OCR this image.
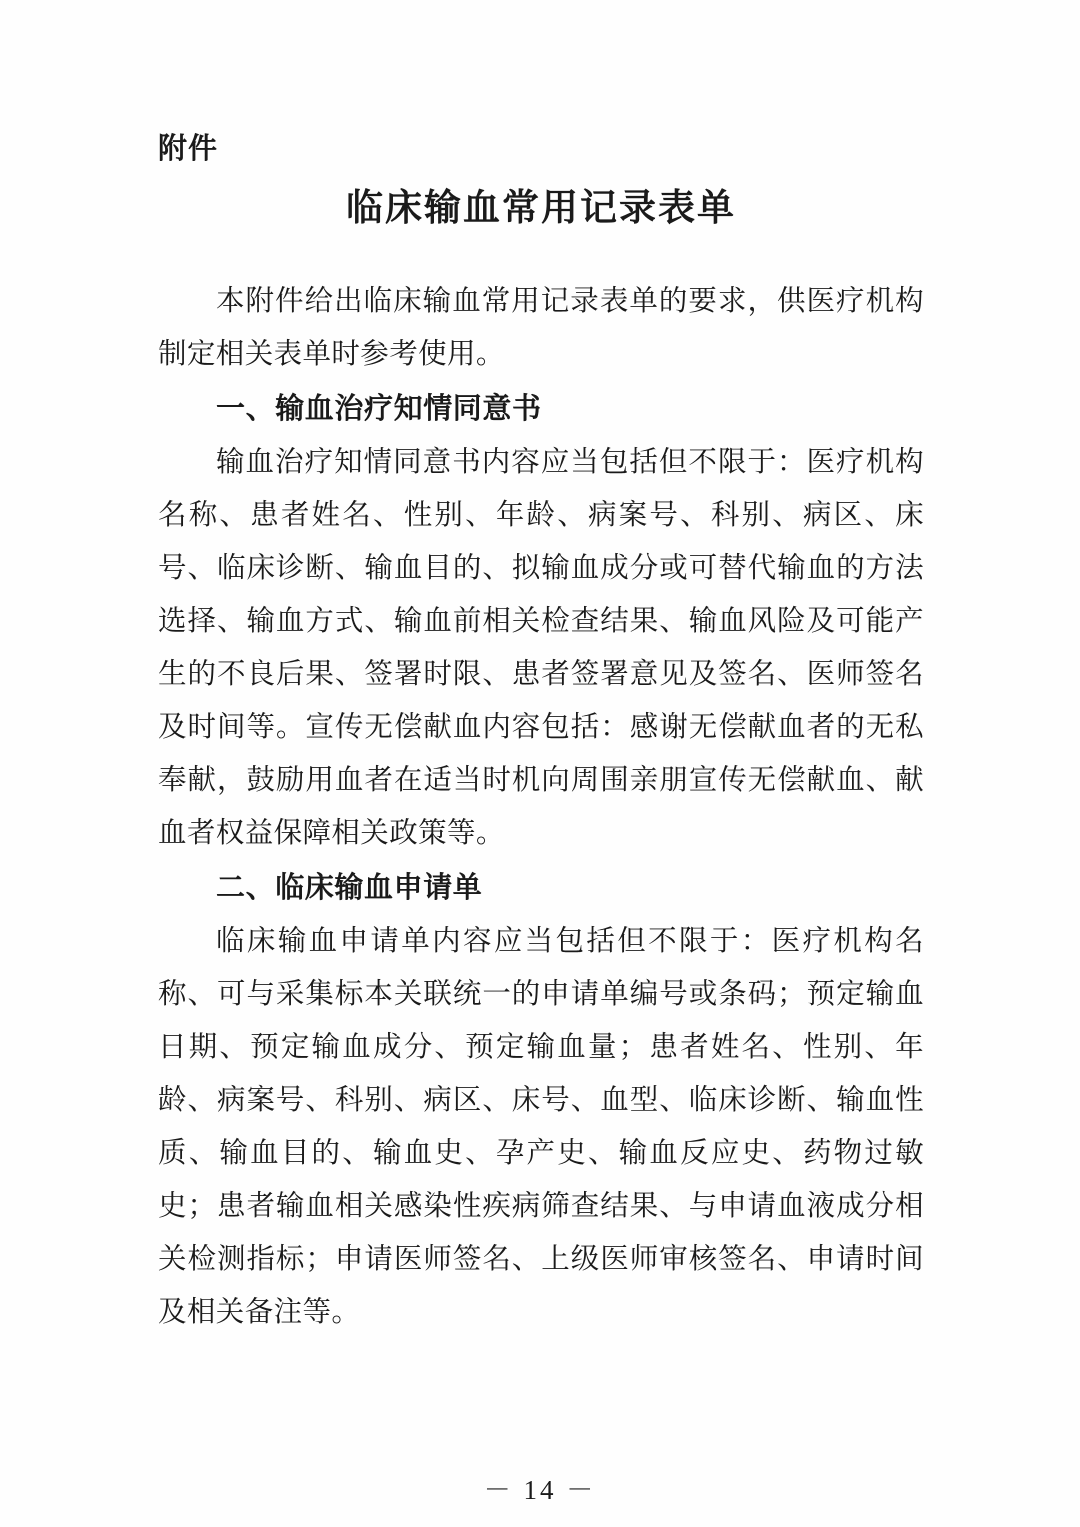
附件
临床输血常用记录表单

本附件给出临床输血常用记录表单的要求，供医疗机构制定相关表单时参考使用。

一、输血治疗知情同意书

输血治疗知情同意书内容应当包括但不限于：医疗机构名称、患者姓名、性别、年龄、病案号、科别、病区、床号、临床诊断、输血目的、拟输血成分或可替代输血的方法选择、输血方式、输血前相关检查结果、输血风险及可能产生的不良后果、签署时限、患者签署意见及签名、医师签名及时间等。宣传无偿献血内容包括：感谢无偿献血者的无私奉献，鼓励用血者在适当时机向周围亲朋宣传无偿献血、献血者权益保障相关政策等。

二、临床输血申请单

临床输血申请单内容应当包括但不限于：医疗机构名称、可与采集标本关联统一的申请单编号或条码；预定输血日期、预定输血成分、预定输血量；患者姓名、性别、年龄、病案号、科别、病区、床号、血型、临床诊断、输血性质、输血目的、输血史、孕产史、输血反应史、药物过敏史；患者输血相关感染性疾病筛查结果、与申请血液成分相关检测指标；申请医师签名、上级医师审核签名、申请时间及相关备注等。

－ 14 －
